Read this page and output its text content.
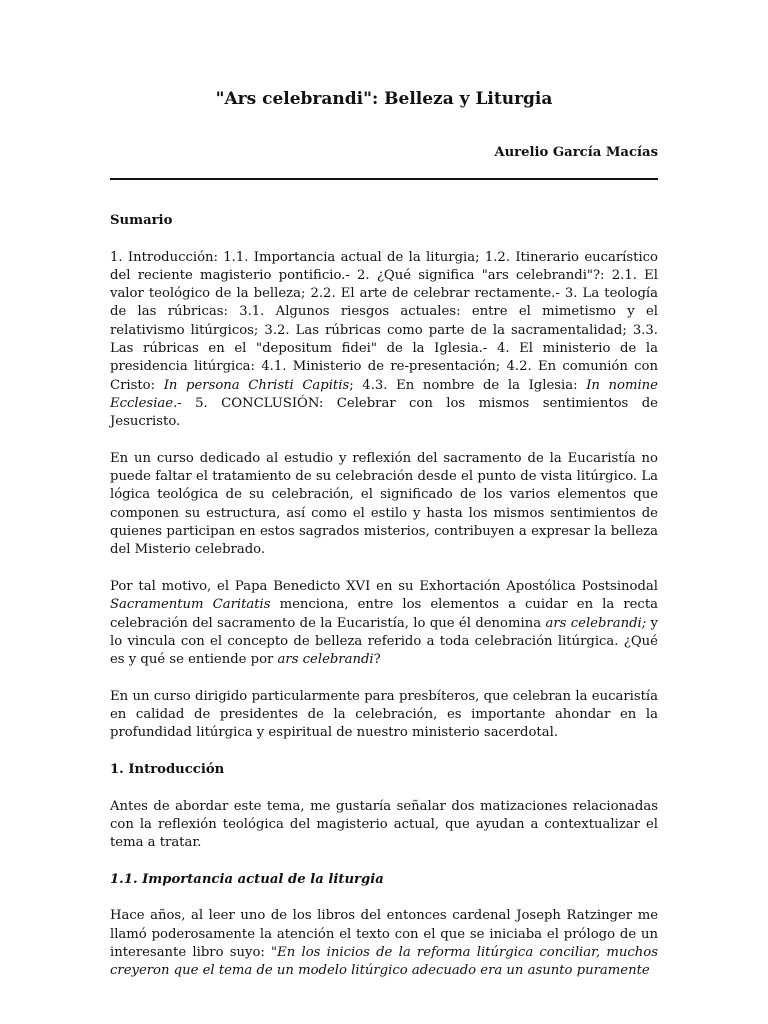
"Ars celebrandi": Belleza y Liturgia
Aurelio García Macías
Sumario

1. Introducción: 1.1. Importancia actual de la liturgia; 1.2. Itinerario eucarístico del reciente magisterio pontificio.- 2. ¿Qué significa "ars celebrandi"?: 2.1. El valor teológico de la belleza; 2.2. El arte de celebrar rectamente.- 3. La teología de las rúbricas: 3.1. Algunos riesgos actuales: entre el mimetismo y el relativismo litúrgicos; 3.2. Las rúbricas como parte de la sacramentalidad; 3.3. Las rúbricas en el "depositum fidei" de la Iglesia.- 4. El ministerio de la presidencia litúrgica: 4.1. Ministerio de re-presentación; 4.2. En comunión con Cristo: In persona Christi Capitis; 4.3. En nombre de la Iglesia: In nomine Ecclesiae.- 5. CONCLUSIÓN: Celebrar con los mismos sentimientos de Jesucristo.

En un curso dedicado al estudio y reflexión del sacramento de la Eucaristía no puede faltar el tratamiento de su celebración desde el punto de vista litúrgico. La lógica teológica de su celebración, el significado de los varios elementos que componen su estructura, así como el estilo y hasta los mismos sentimientos de quienes participan en estos sagrados misterios, contribuyen a expresar la belleza del Misterio celebrado.

Por tal motivo, el Papa Benedicto XVI en su Exhortación Apostólica Postsinodal Sacramentum Caritatis menciona, entre los elementos a cuidar en la recta celebración del sacramento de la Eucaristía, lo que él denomina ars celebrandi; y lo vincula con el concepto de belleza referido a toda celebración litúrgica. ¿Qué es y qué se entiende por ars celebrandi?

En un curso dirigido particularmente para presbíteros, que celebran la eucaristía en calidad de presidentes de la celebración, es importante ahondar en la profundidad litúrgica y espiritual de nuestro ministerio sacerdotal.

1. Introducción

Antes de abordar este tema, me gustaría señalar dos matizaciones relacionadas con la reflexión teológica del magisterio actual, que ayudan a contextualizar el tema a tratar.

1.1. Importancia actual de la liturgia

Hace años, al leer uno de los libros del entonces cardenal Joseph Ratzinger me llamó poderosamente la atención el texto con el que se iniciaba el prólogo de un interesante libro suyo: "En los inicios de la reforma litúrgica conciliar, muchos creyeron que el tema de un modelo litúrgico adecuado era un asunto puramente
